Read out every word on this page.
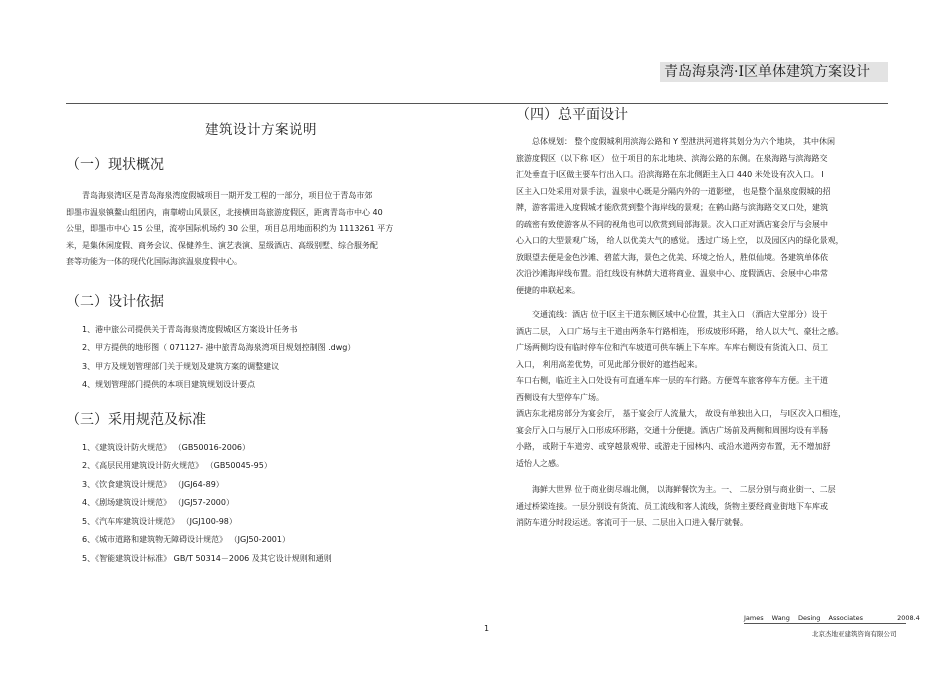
青岛海泉湾·Ⅰ区单体建筑方案设计
建筑设计方案说明
（一）现状概况
青岛海泉湾Ⅰ区是青岛海泉湾度假城项目一期开发工程的一部分，项目位于青岛市郊
即墨市温泉镇鳌山组团内，南靠崂山风景区，北接横田岛旅游度假区，距离青岛市中心 40
公里，即墨市中心 15 公里，流亭国际机场约 30 公里，项目总用地面积约为 1113261 平方
米，是集休闲度假、商务会议、保健养生、演艺表演、星级酒店、高级别墅、综合服务配
套等功能为一体的现代化国际海滨温泉度假中心。
（二）设计依据
1、港中旅公司提供关于青岛海泉湾度假城Ⅰ区方案设计任务书
2、甲方提供的地形图（ 071127- 港中旅青岛海泉湾项目规划控制图 .dwg）
3、甲方及规划管理部门关于规划及建筑方案的调整建议
4、规划管理部门提供的本项目建筑规划设计要点
（三）采用规范及标准
1、《建筑设计防火规范》 （GB50016-2006）
2、《高层民用建筑设计防火规范》 （GB50045-95）
3、《饮食建筑设计规范》 （JGJ64-89）
4、《剧场建筑设计规范》 （JGJ57-2000）
5、《汽车库建筑设计规范》 （JGJ100-98）
6、《城市道路和建筑物无障碍设计规范》 （JGJ50-2001）
5、《智能建筑设计标准》 GB/T 50314－2006 及其它设计规则和通则
（四）总平面设计
总体规划： 整个度假城利用滨海公路和 Y 型泄洪河道将其划分为六个地块， 其中休闲
旅游度假区（以下称 Ⅰ区） 位于项目的东北地块、滨海公路的东侧。在泉海路与滨海路交
汇处垂直于Ⅰ区做主要车行出入口。沿滨海路在东北侧距主入口 440 米处设有次入口。 Ⅰ
区主入口处采用对景手法，温泉中心既是分隔内外的一道影壁， 也是整个温泉度假城的招
牌，游客需进入度假城才能欣赏到整个海岸线的景观；在鹤山路与滨海路交叉口处，建筑
的疏密有致使游客从不同的视角也可以欣赏到局部海景。次入口正对酒店宴会厅与会展中
心入口的大型景观广场， 给人以优美大气的感觉。 透过广场上空， 以及园区内的绿化景观，
放眼望去便是金色沙滩、碧蓝大海，景色之优美、环境之怡人，胜似仙境。各建筑单体依
次沿沙滩海岸线布置。沿红线设有林荫大道将商业、温泉中心、度假酒店、会展中心串常
便捷的串联起来。
交通流线：酒店 位于Ⅰ区主干道东侧区域中心位置，其主入口 （酒店大堂部分）设于
酒店二层， 入口广场与主干道由两条车行路相连， 形成坡形环路， 给人以大气、豪壮之感。
广场两侧均设有临时停车位和汽车坡道可供车辆上下车库。车库右侧设有货流入口、员工
入口， 利用高差优势，可见此部分很好的遮挡起来。
车口右侧，临近主入口处设有可直通车库一层的车行路。方便驾车旅客停车方便。主干道
西侧设有大型停车广场。
酒店东北裙房部分为宴会厅， 基于宴会厅人流量大， 故设有单独出入口， 与Ⅰ区次入口相连，
宴会厅入口与展厅入口形成环形路，交通十分便捷。酒店广场前及两侧和周围均设有半肠
小路， 或附于车道旁、或穿越景观带、或游走于园林内、或沿水道两旁布置，无不增加舒
适怡人之感。
海鲜大世界 位于商业街尽端北侧， 以海鲜餐饮为主。一、 二层分别与商业街一、二层
通过桥梁连接。一层分别设有货流、员工流线和客人流线，货物主要经商业街地下车库或
消防车道分时段运送。客流可于一层、二层出入口进入餐厅就餐。
1
James Wang Desing Associates	2008.4
北京杰地亚建筑咨询有限公司
